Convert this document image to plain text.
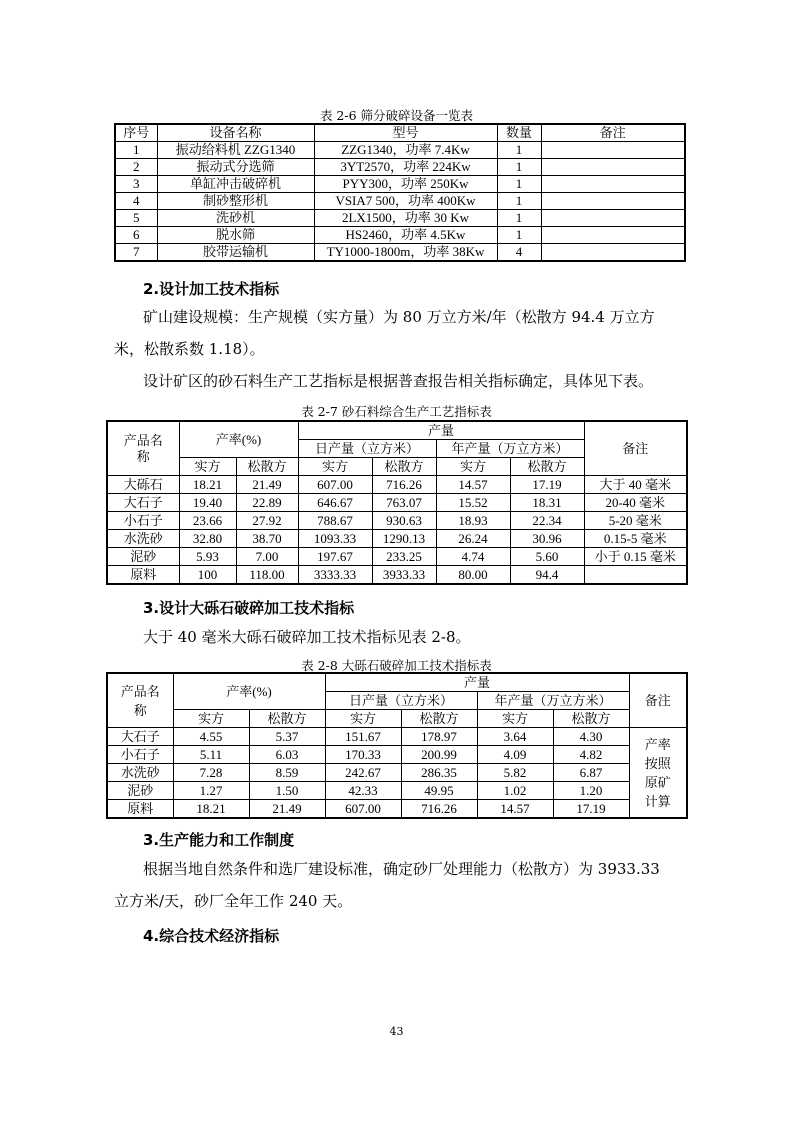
表 2-6 筛分破碎设备一览表
序号	设备名称	型号	数量	备注
1	振动给料机 ZZG1340	ZZG1340，功率 7.4Kw	1	
2	振动式分选筛	3YT2570，功率 224Kw	1	
3	单缸冲击破碎机	PYY300，功率 250Kw	1	
4	制砂整形机	VSIA7 500，功率 400Kw	1	
5	洗砂机	2LX1500，功率 30 Kw	1	
6	脱水筛	HS2460，功率 4.5Kw	1	
7	胶带运输机	TY1000-1800m，功率 38Kw	4	
2.设计加工技术指标
矿山建设规模：生产规模（实方量）为 80 万立方米/年（松散方 94.4 万立方
米，松散系数 1.18）。
设计矿区的砂石料生产工艺指标是根据普查报告相关指标确定，具体见下表。
表 2-7 砂石料综合生产工艺指标表
产品名称	产率(%)		产量				备注
			日产量（立方米）		年产量（万立方米）		
	实方	松散方	实方	松散方	实方	松散方	
大砾石	18.21	21.49	607.00	716.26	14.57	17.19	大于 40 毫米
大石子	19.40	22.89	646.67	763.07	15.52	18.31	20-40 毫米
小石子	23.66	27.92	788.67	930.63	18.93	22.34	5-20 毫米
水洗砂	32.80	38.70	1093.33	1290.13	26.24	30.96	0.15-5 毫米
泥砂	5.93	7.00	197.67	233.25	4.74	5.60	小于 0.15 毫米
原料	100	118.00	3333.33	3933.33	80.00	94.4	
3.设计大砾石破碎加工技术指标
大于 40 毫米大砾石破碎加工技术指标见表 2-8。
表 2-8 大砾石破碎加工技术指标表
产品名称	产率(%)		产量				备注
			日产量（立方米）		年产量（万立方米）		
	实方	松散方	实方	松散方	实方	松散方	
大石子	4.55	5.37	151.67	178.97	3.64	4.30	产率按照原矿计算
小石子	5.11	6.03	170.33	200.99	4.09	4.82	
水洗砂	7.28	8.59	242.67	286.35	5.82	6.87	
泥砂	1.27	1.50	42.33	49.95	1.02	1.20	
原料	18.21	21.49	607.00	716.26	14.57	17.19	
3.生产能力和工作制度
根据当地自然条件和选厂建设标准，确定砂厂处理能力（松散方）为 3933.33
立方米/天，砂厂全年工作 240 天。
4.综合技术经济指标
43
